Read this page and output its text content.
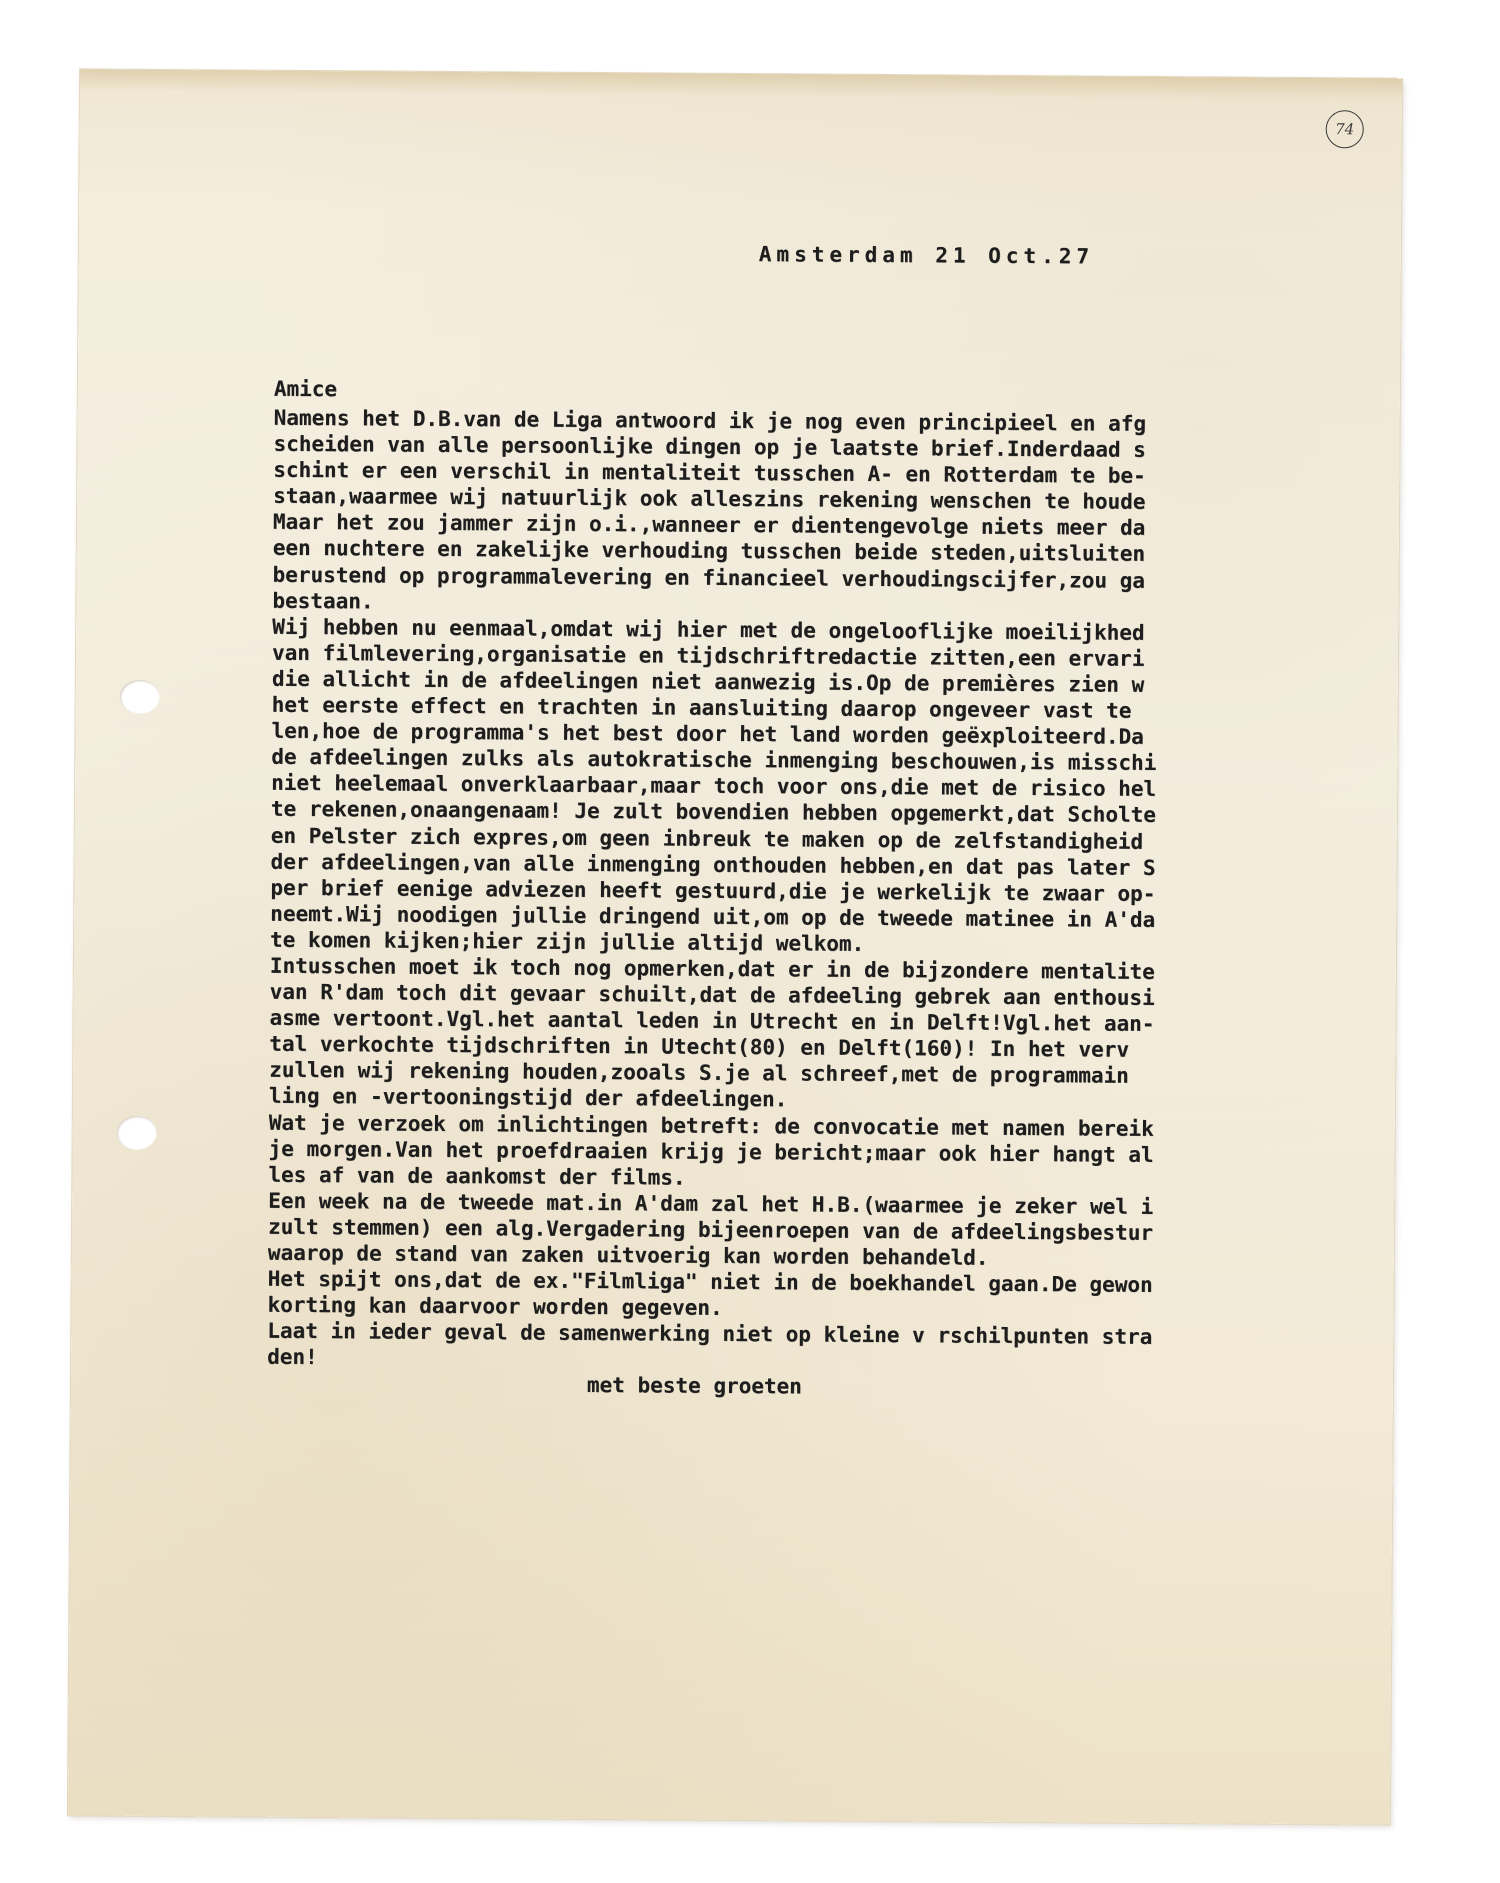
74
Amsterdam 21 Oct.27
Amice
Namens het D.B.van de Liga antwoord ik je nog even principieel en afg
scheiden van alle persoonlijke dingen op je laatste brief.Inderdaad s
schint er een verschil in mentaliteit tusschen A- en Rotterdam te be-
staan,waarmee wij natuurlijk ook alleszins rekening wenschen te houde
Maar het zou jammer zijn o.i.,wanneer er dientengevolge niets meer da
een nuchtere en zakelijke verhouding tusschen beide steden,uitsluiten
berustend op programmalevering en financieel verhoudingscijfer,zou ga
bestaan.
Wij hebben nu eenmaal,omdat wij hier met de ongelooflijke moeilijkhed
van filmlevering,organisatie en tijdschriftredactie zitten,een ervari
die allicht in de afdeelingen niet aanwezig is.Op de premières zien w
het eerste effect en trachten in aansluiting daarop ongeveer vast te
len,hoe de programma's het best door het land worden geëxploiteerd.Da
de afdeelingen zulks als autokratische inmenging beschouwen,is misschi
niet heelemaal onverklaarbaar,maar toch voor ons,die met de risico hel
te rekenen,onaangenaam! Je zult bovendien hebben opgemerkt,dat Scholte
en Pelster zich expres,om geen inbreuk te maken op de zelfstandigheid
der afdeelingen,van alle inmenging onthouden hebben,en dat pas later S
per brief eenige adviezen heeft gestuurd,die je werkelijk te zwaar op-
neemt.Wij noodigen jullie dringend uit,om op de tweede matinee in A'da
te komen kijken;hier zijn jullie altijd welkom.
Intusschen moet ik toch nog opmerken,dat er in de bijzondere mentalite
van R'dam toch dit gevaar schuilt,dat de afdeeling gebrek aan enthousi
asme vertoont.Vgl.het aantal leden in Utrecht en in Delft!Vgl.het aan-
tal verkochte tijdschriften in Utecht(80) en Delft(160)! In het verv
zullen wij rekening houden,zooals S.je al schreef,met de programmain
ling en -vertooningstijd der afdeelingen.
Wat je verzoek om inlichtingen betreft: de convocatie met namen bereik
je morgen.Van het proefdraaien krijg je bericht;maar ook hier hangt al
les af van de aankomst der films.
Een week na de tweede mat.in A'dam zal het H.B.(waarmee je zeker wel i
zult stemmen) een alg.Vergadering bijeenroepen van de afdeelingsbestur
waarop de stand van zaken uitvoerig kan worden behandeld.
Het spijt ons,dat de ex."Filmliga" niet in de boekhandel gaan.De gewon
korting kan daarvoor worden gegeven.
Laat in ieder geval de samenwerking niet op kleine v rschilpunten stra
den!
met beste groeten
